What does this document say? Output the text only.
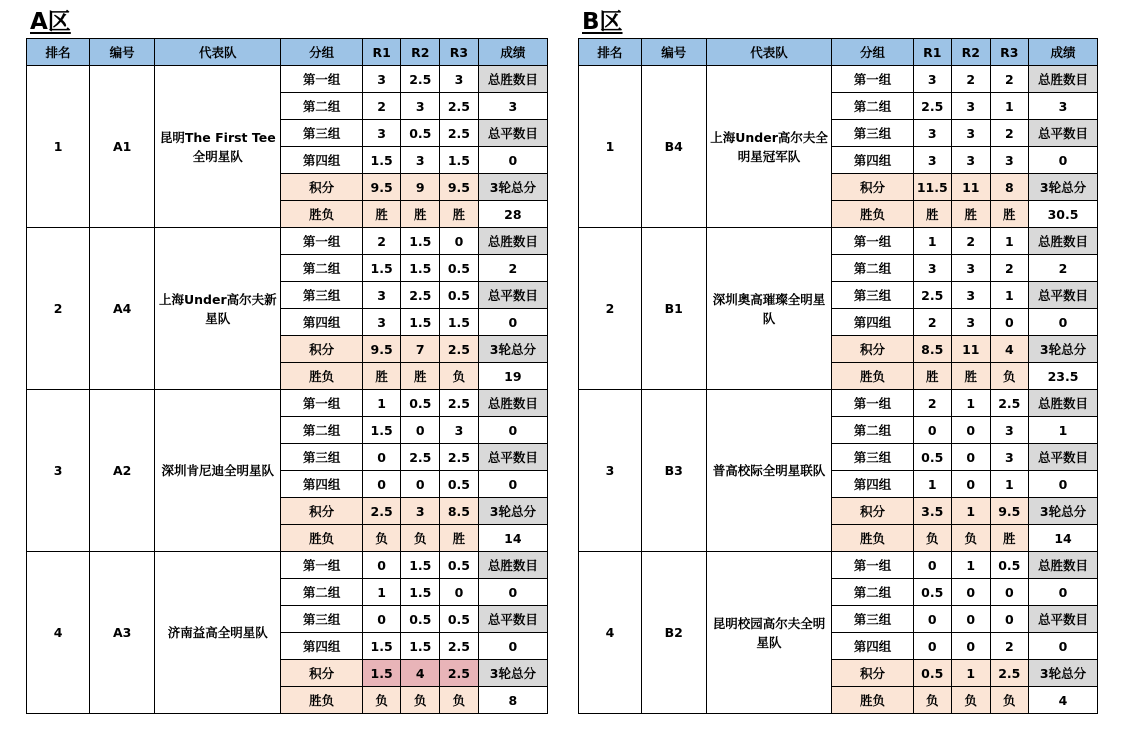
A区
排名	编号	代表队	分组	R1	R2	R3	成绩
1	A1	昆明The First Tee全明星队	第一组	3	2.5	3	总胜数目
			第二组	2	3	2.5	3
			第三组	3	0.5	2.5	总平数目
			第四组	1.5	3	1.5	0
			积分	9.5	9	9.5	3轮总分
			胜负	胜	胜	胜	28
2	A4	上海Under高尔夫新星队	第一组	2	1.5	0	总胜数目
			第二组	1.5	1.5	0.5	2
			第三组	3	2.5	0.5	总平数目
			第四组	3	1.5	1.5	0
			积分	9.5	7	2.5	3轮总分
			胜负	胜	胜	负	19
3	A2	深圳肯尼迪全明星队	第一组	1	0.5	2.5	总胜数目
			第二组	1.5	0	3	0
			第三组	0	2.5	2.5	总平数目
			第四组	0	0	0.5	0
			积分	2.5	3	8.5	3轮总分
			胜负	负	负	胜	14
4	A3	济南益高全明星队	第一组	0	1.5	0.5	总胜数目
			第二组	1	1.5	0	0
			第三组	0	0.5	0.5	总平数目
			第四组	1.5	1.5	2.5	0
			积分	1.5	4	2.5	3轮总分
			胜负	负	负	负	8
B区
排名	编号	代表队	分组	R1	R2	R3	成绩
1	B4	上海Under高尔夫全明星冠军队	第一组	3	2	2	总胜数目
			第二组	2.5	3	1	3
			第三组	3	3	2	总平数目
			第四组	3	3	3	0
			积分	11.5	11	8	3轮总分
			胜负	胜	胜	胜	30.5
2	B1	深圳奥高璀璨全明星队	第一组	1	2	1	总胜数目
			第二组	3	3	2	2
			第三组	2.5	3	1	总平数目
			第四组	2	3	0	0
			积分	8.5	11	4	3轮总分
			胜负	胜	胜	负	23.5
3	B3	普高校际全明星联队	第一组	2	1	2.5	总胜数目
			第二组	0	0	3	1
			第三组	0.5	0	3	总平数目
			第四组	1	0	1	0
			积分	3.5	1	9.5	3轮总分
			胜负	负	负	胜	14
4	B2	昆明校园高尔夫全明星队	第一组	0	1	0.5	总胜数目
			第二组	0.5	0	0	0
			第三组	0	0	0	总平数目
			第四组	0	0	2	0
			积分	0.5	1	2.5	3轮总分
			胜负	负	负	负	4
